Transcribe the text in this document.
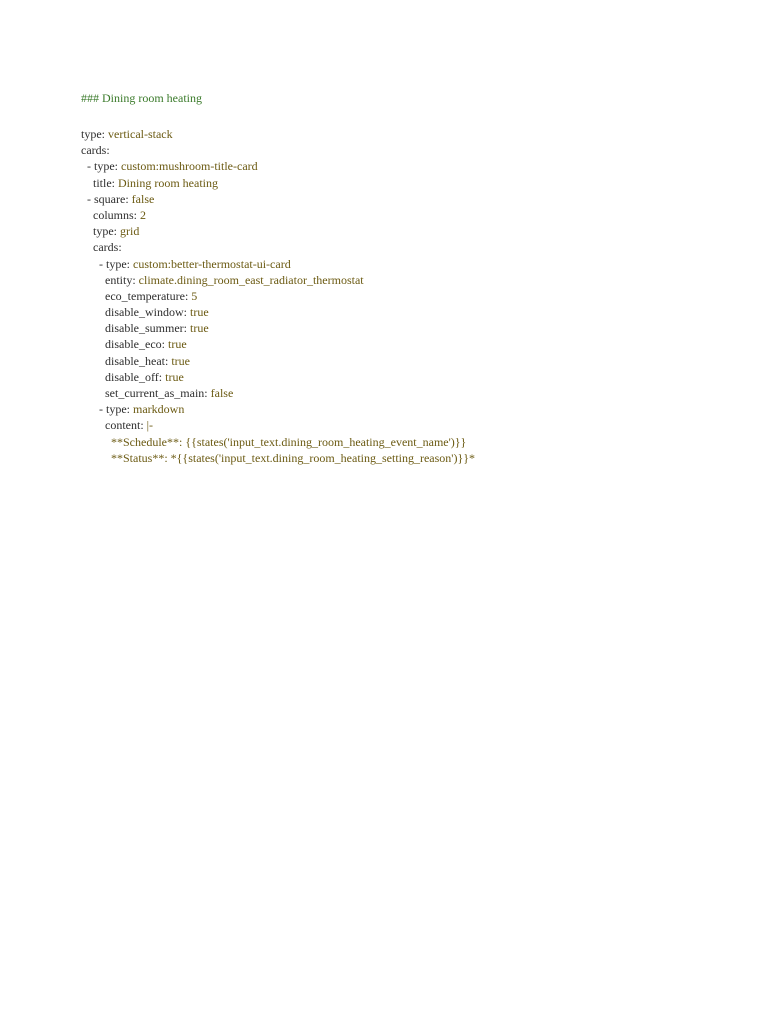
### Dining room heating
type: vertical-stack
cards:
- type: custom:mushroom-title-card
title: Dining room heating
- square: false
columns: 2
type: grid
cards:
- type: custom:better-thermostat-ui-card
entity: climate.dining_room_east_radiator_thermostat
eco_temperature: 5
disable_window: true
disable_summer: true
disable_eco: true
disable_heat: true
disable_off: true
set_current_as_main: false
- type: markdown
content: |-
**Schedule**: {{states('input_text.dining_room_heating_event_name')}}
**Status**: *{{states('input_text.dining_room_heating_setting_reason')}}*
